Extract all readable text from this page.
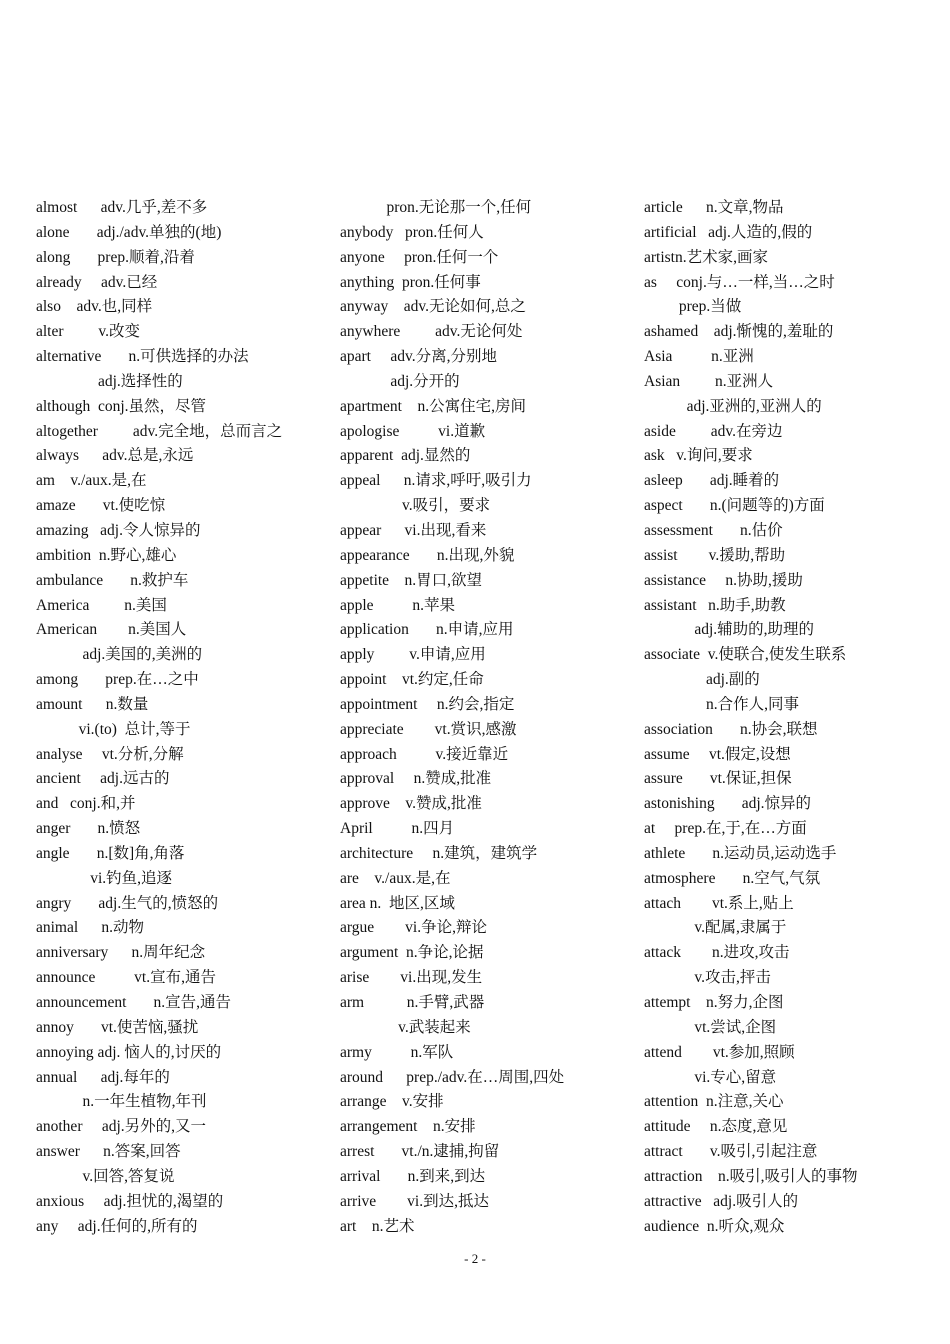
almost      adv.几乎,差不多
alone       adj./adv.单独的(地)
along       prep.顺着,沿着
already     adv.已经
also    adv.也,同样
alter         v.改变
alternative       n.可供选择的办法
adj.选择性的
although  conj.虽然，尽管
altogether         adv.完全地，总而言之
always      adv.总是,永远
am    v./aux.是,在
amaze       vt.使吃惊
amazing   adj.令人惊异的
ambition  n.野心,雄心
ambulance       n.救护车
America         n.美国
American        n.美国人
adj.美国的,美洲的
among       prep.在…之中
amount      n.数量
vi.(to)  总计,等于
analyse     vt.分析,分解
ancient     adj.远古的
and   conj.和,并
anger       n.愤怒
angle       n.[数]角,角落
vi.钓鱼,追逐
angry       adj.生气的,愤怒的
animal      n.动物
anniversary      n.周年纪念
announce          vt.宣布,通告
announcement       n.宣告,通告
annoy       vt.使苦恼,骚扰
annoying adj. 恼人的,讨厌的
annual      adj.每年的
n.一年生植物,年刊
another     adj.另外的,又一
answer      n.答案,回答
v.回答,答复说
anxious     adj.担忧的,渴望的
any     adj.任何的,所有的
pron.无论那一个,任何
anybody   pron.任何人
anyone     pron.任何一个
anything  pron.任何事
anyway    adv.无论如何,总之
anywhere         adv.无论何处
apart     adv.分离,分别地
adj.分开的
apartment    n.公寓住宅,房间
apologise          vi.道歉
apparent  adj.显然的
appeal      n.请求,呼吁,吸引力
v.吸引，要求
appear      vi.出现,看来
appearance       n.出现,外貌
appetite    n.胃口,欲望
apple          n.苹果
application       n.申请,应用
apply         v.申请,应用
appoint    vt.约定,任命
appointment     n.约会,指定
appreciate        vt.赏识,感激
approach          v.接近靠近
approval     n.赞成,批准
approve    v.赞成,批准
April          n.四月
architecture     n.建筑，建筑学
are    v./aux.是,在
area n.  地区,区域
argue        vi.争论,辩论
argument  n.争论,论据
arise        vi.出现,发生
arm           n.手臂,武器
v.武装起来
army          n.军队
around      prep./adv.在…周围,四处
arrange    v.安排
arrangement    n.安排
arrest       vt./n.逮捕,拘留
arrival       n.到来,到达
arrive        vi.到达,抵达
art    n.艺术
article      n.文章,物品
artificial   adj.人造的,假的
artistn.艺术家,画家
as     conj.与…一样,当…之时
prep.当做
ashamed    adj.惭愧的,羞耻的
Asia          n.亚洲
Asian         n.亚洲人
adj.亚洲的,亚洲人的
aside         adv.在旁边
ask   v.询问,要求
asleep       adj.睡着的
aspect       n.(问题等的)方面
assessment       n.估价
assist        v.援助,帮助
assistance     n.协助,援助
assistant   n.助手,助教
adj.辅助的,助理的
associate  v.使联合,使发生联系
adj.副的
n.合作人,同事
association       n.协会,联想
assume     vt.假定,设想
assure       vt.保证,担保
astonishing       adj.惊异的
at     prep.在,于,在…方面
athlete       n.运动员,运动选手
atmosphere       n.空气,气氛
attach        vt.系上,贴上
v.配属,隶属于
attack        n.进攻,攻击
v.攻击,抨击
attempt    n.努力,企图
vt.尝试,企图
attend        vt.参加,照顾
vi.专心,留意
attention  n.注意,关心
attitude     n.态度,意见
attract       v.吸引,引起注意
attraction    n.吸引,吸引人的事物
attractive   adj.吸引人的
audience  n.听众,观众
- 2 -
